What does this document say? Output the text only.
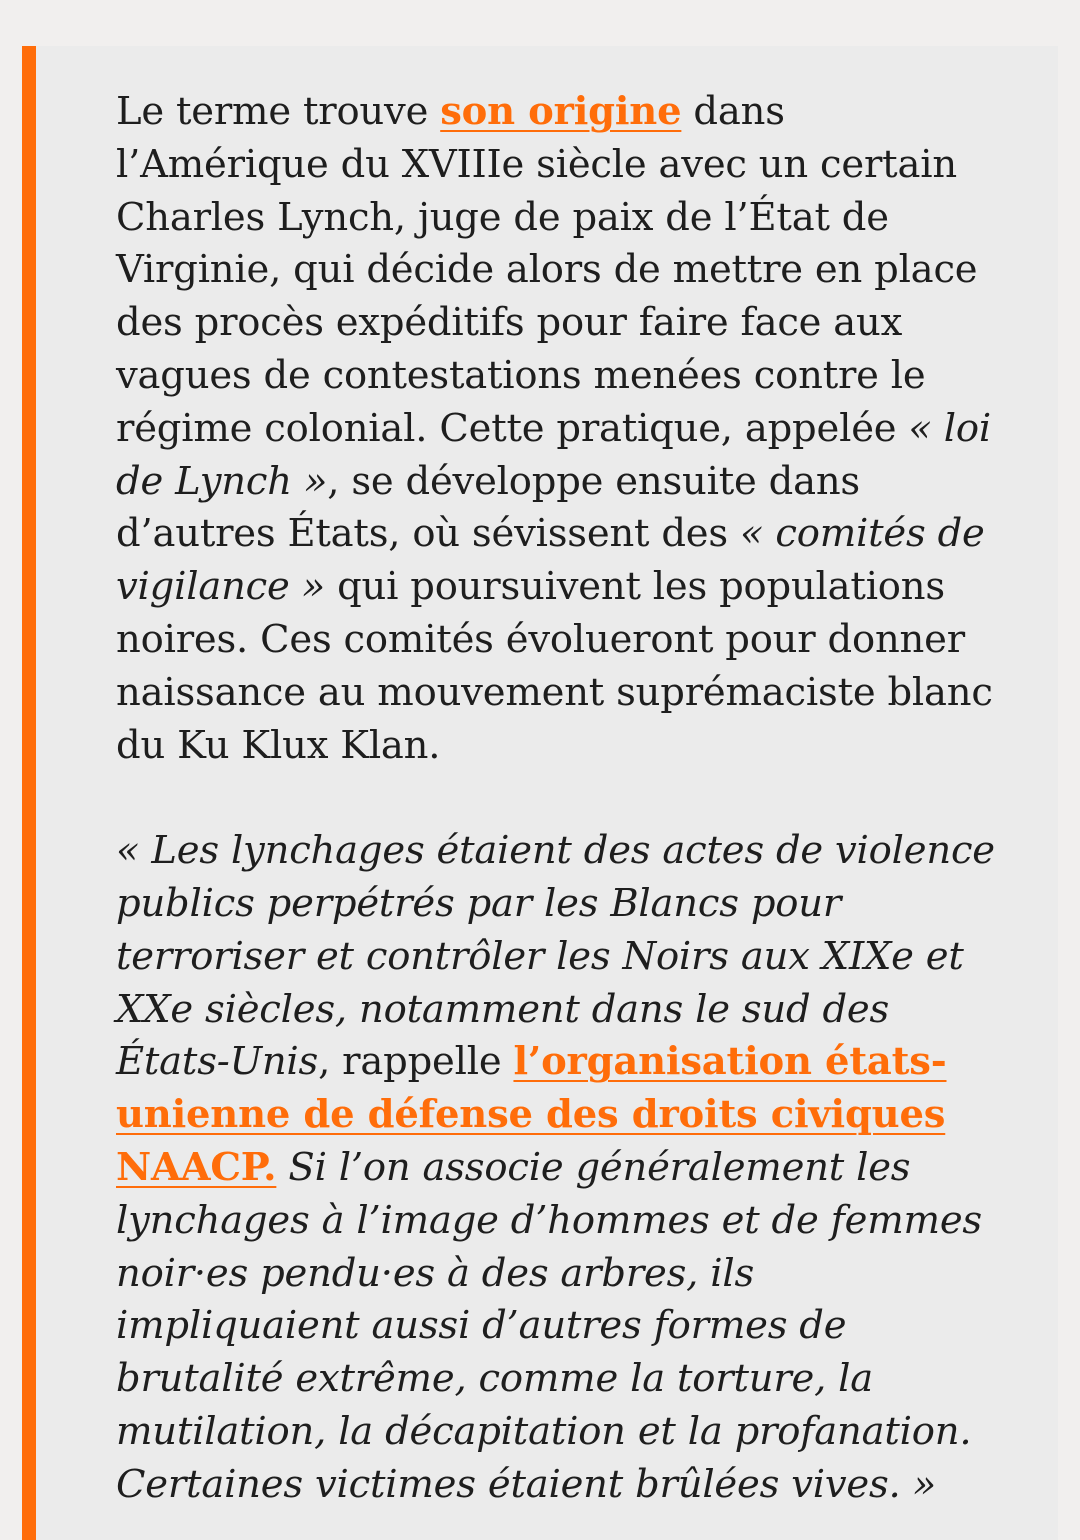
Le terme trouve son origine dans l’Amérique du XVIIIe siècle avec un certain Charles Lynch, juge de paix de l’État de Virginie, qui décide alors de mettre en place des procès expéditifs pour faire face aux vagues de contestations menées contre le régime colonial. Cette pratique, appelée « loi de Lynch », se développe ensuite dans d’autres États, où sévissent des « comités de vigilance » qui poursuivent les populations noires. Ces comités évolueront pour donner naissance au mouvement suprémaciste blanc du Ku Klux Klan.

« Les lynchages étaient des actes de violence publics perpétrés par les Blancs pour terroriser et contrôler les Noirs aux XIXe et XXe siècles, notamment dans le sud des États-Unis, rappelle l’organisation états-unienne de défense des droits civiques NAACP. Si l’on associe généralement les lynchages à l’image d’hommes et de femmes noir·es pendu·es à des arbres, ils impliquaient aussi d’autres formes de brutalité extrême, comme la torture, la mutilation, la décapitation et la profanation. Certaines victimes étaient brûlées vives. »
